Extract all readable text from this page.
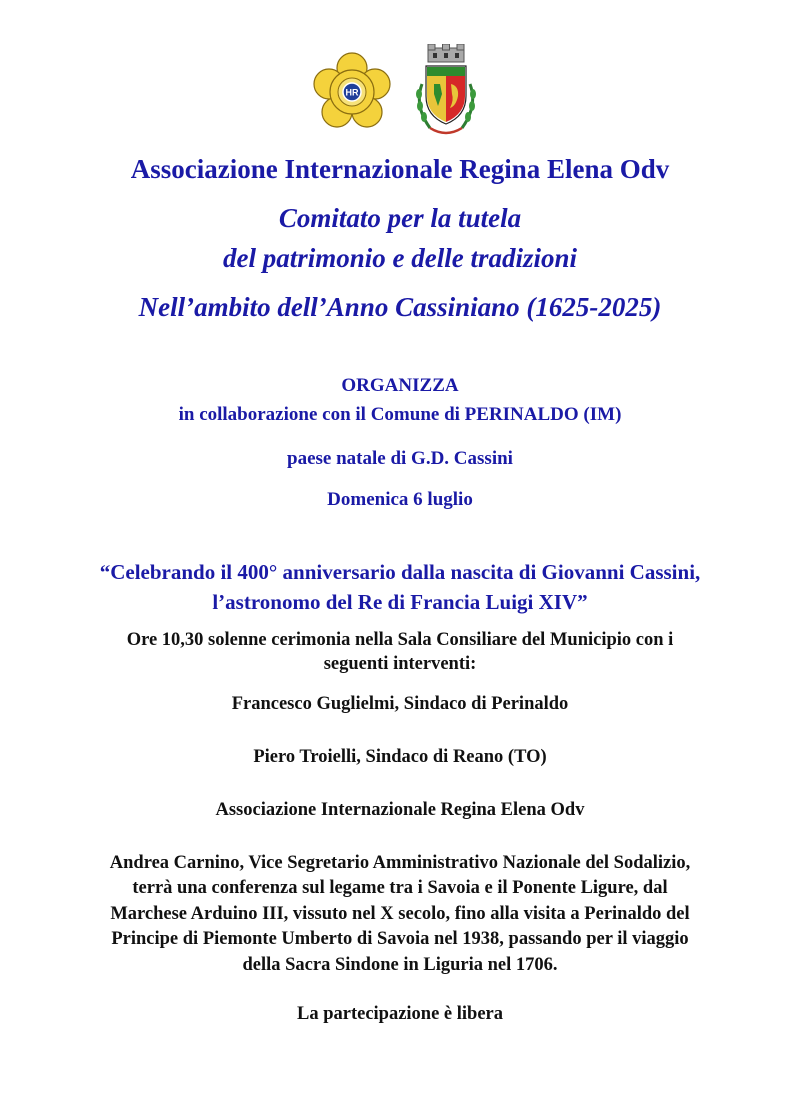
HR
Associazione Internazionale Regina Elena Odv
Comitato per la tutela
del patrimonio e delle tradizioni
Nell’ambito dell’Anno Cassiniano (1625-2025)
ORGANIZZA
in collaborazione con il Comune di PERINALDO (IM)
paese natale di G.D. Cassini
Domenica 6 luglio
“Celebrando il 400° anniversario dalla nascita di Giovanni Cassini,
l’astronomo del Re di Francia Luigi XIV”
Ore 10,30 solenne cerimonia nella Sala Consiliare del Municipio con i
seguenti interventi:
Francesco Guglielmi, Sindaco di Perinaldo
Piero Troielli, Sindaco di Reano (TO)
Associazione Internazionale Regina Elena Odv
Andrea Carnino, Vice Segretario Amministrativo Nazionale del Sodalizio,
terrà una conferenza sul legame tra i Savoia e il Ponente Ligure, dal
Marchese Arduino III, vissuto nel X secolo, fino alla visita a Perinaldo del
Principe di Piemonte Umberto di Savoia nel 1938, passando per il viaggio
della Sacra Sindone in Liguria nel 1706.
La partecipazione è libera
